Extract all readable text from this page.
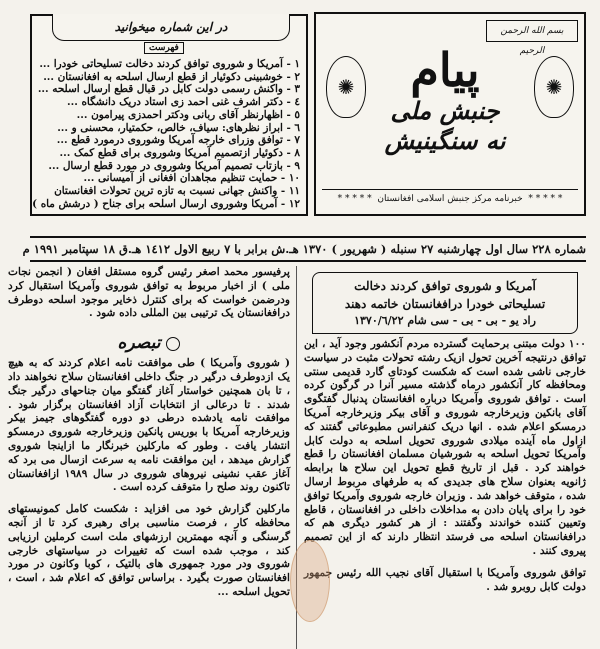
بسم الله الرحمن الرحیم
✺	✺
پیام
جنبش ملی
نه سنگینیش
* * * * *  خبرنامه مرکز جنبش اسلامی افغانستان  * * * * *
در این شماره میخوانید
فهرست
١ - آمریکا و شوروی توافق کردند دخالت تسلیحاتی خودرا ...
٢ - خوشبینی دکوئیار از قطع ارسال اسلحه به افغانستان ...
٣ - واکنش رسمی دولت کابل در قبال قطع ارسال اسلحه ...
٤ - دکتر اشرف غنی احمد زی استاد دریک دانشگاه ...
٥ - اظهارنظر آقای ربانی ودکتر احمدزی پیرامون ...
٦ - ابراز نظرهای: سیاف، خالص، حکمتیار، محسنی و ...
٧ - توافق وزرای خارجه آمریکا وشوروی درمورد قطع ...
٨ - دکوئیار ازتصمیم آمریکا وشوروی برای قطع کمک ...
٩ - بازتاب تصمیم آمریکا وشوروی در مورد قطع ارسال ...
١٠ - حمایت تنظیم مجاهدان افغانی از آمیسانی ...
١١ - واکنش جهانی نسبت به تازه ترین تحولات افغانستان
١٢ - آمریکا وشوروی ارسال اسلحه برای جناح ( درشش ماه )
شماره ٢٢٨ سال اول چهارشنبه ٢٧ سنبله ( شهریور ) ١٣٧٠ هـ.ش برابر با ٧ ربیع الاول ١٤١٢ هـ.ق ١٨ سپتامبر ١٩٩١ م
آمریکا و شوروی توافق کردند دخالت
تسلیحاتی خودرا درافغانستان خاتمه دهند
راد یو - بی - بی - سی شام ١٣٧٠/٦/٢٢

١٠٠ دولت مبتنی برحمایت گسترده مردم آنکشور وجود آید ، این توافق درنتیجه آخرین تحول ازیک رشته تحولات مثبت در سیاست خارجی ناشی شده است که شکست کودتای گارد قدیمی سنتی ومحافظه کار آنکشور درماه گذشته مسیر آنرا در گرگون کرده است . توافق شوروی وآمریکا درباره افغانستان پدنبال گفتگوی آقای بانکین وزیرخارجه شوروی و آقای بیکر وزیرخارجه آمریکا درمسکو اعلام شده . انها دریک کنفرانس مطبوعاتی گفتند که ازاول ماه آینده میلادی شوروی تحویل اسلحه به دولت کابل وآمریکا تحویل اسلحه به شورشیان مسلمان افغانستان را قطع خواهند کرد . قبل از تاریخ قطع تحویل این سلاح ها برابطه ژانویه بعنوان سلاح های جدیدی که به طرفهای مربوط ارسال شده ، متوقف خواهد شد . وزیران خارجه شوروی وآمریکا توافق خود را برای پایان دادن به مداخلات داخلی در افغانستان ، قاطع وتعیین کننده خواندند وگفتند : از هر کشور دیگری هم که درافغانستان اسلحه می فرستد انتظار دارند که از این تصمیم پیروی کنند .

توافق شوروی وآمریکا با استقبال آقای نجیب الله رئیس جمهور دولت کابل روبرو شد .

پرفیسور محمد اصغر رئیس گروه مستقل افغان ( انجمن نجات ملی ) از اخبار مربوط به توافق شوروی وآمریکا استقبال کرد ودرضمن خواست که برای کنترل ذخایر موجود اسلحه دوطرف درافغانستان یک ترتیبی بین المللی داده شود .

تبصره

( شوروی وآمریکا ) طی موافقت نامه اعلام کردند که به هیچ یک ازدوطرف درگیر در جنگ داخلی افغانستان سلاح نخواهند داد ، تا بان همچنین خواستار آغاز گفتگو میان جناحهای درگیر جنگ شدند . تا درعالی از انتخابات آزاد افغانستان برگزار شود . موافقت نامه یادشده درطی دو دوره گفتگوهای جیمز بیکر وزیرخارجه آمریکا با بوریس پانکین وزیرخارجه شوروی درمسکو انتشار یافت . وطور که مارکلین خبرنگار ما ازاینجا شوروی گزارش میدهد ، این موافقت نامه به سرعت ازسال می برد که آغاز عقب نشینی نیروهای شوروی در سال ١٩٨٩ ازافغانستان تاکنون روند صلح را متوقف کرده است .

مارکلین گزارش خود می افزاید : شکست کامل کمونیستهای محافظه کار ، فرصت مناسبی برای رهبری کرد تا از آنجه گرسنگی و آنچه مهمترین ارزشهای ملت است کرملین ارزیابی کند ، موجب شده است که تغییرات در سیاستهای خارجی شوروی ودر مورد جمهوری های بالتیک ، کوبا وکانون در مورد افغانستان صورت بگیرد . براساس توافق که اعلام شد ، است ، تحویل اسلحه ...
